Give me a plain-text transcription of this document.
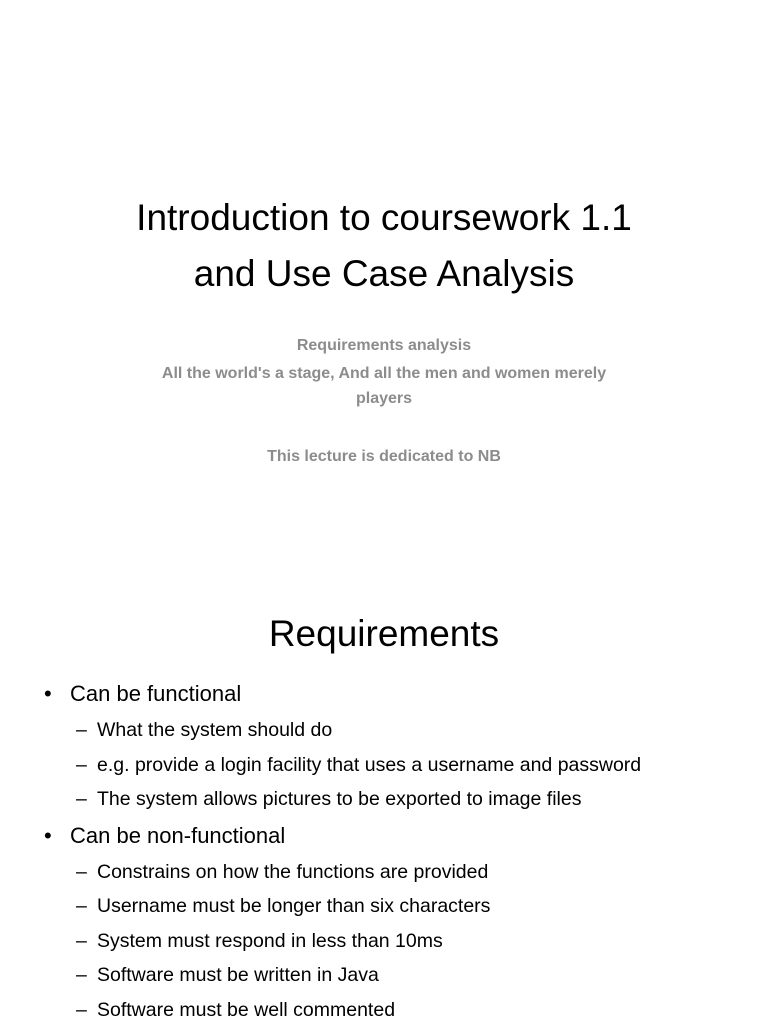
Introduction to coursework 1.1
and Use Case Analysis
Requirements analysis
All the world's a stage, And all the men and women merely
players
This lecture is dedicated to NB
Requirements
• Can be functional
– What the system should do
– e.g. provide a login facility that uses a username and password
– The system allows pictures to be exported to image files
• Can be non-functional
– Constrains on how the functions are provided
– Username must be longer than six characters
– System must respond in less than 10ms
– Software must be written in Java
– Software must be well commented
